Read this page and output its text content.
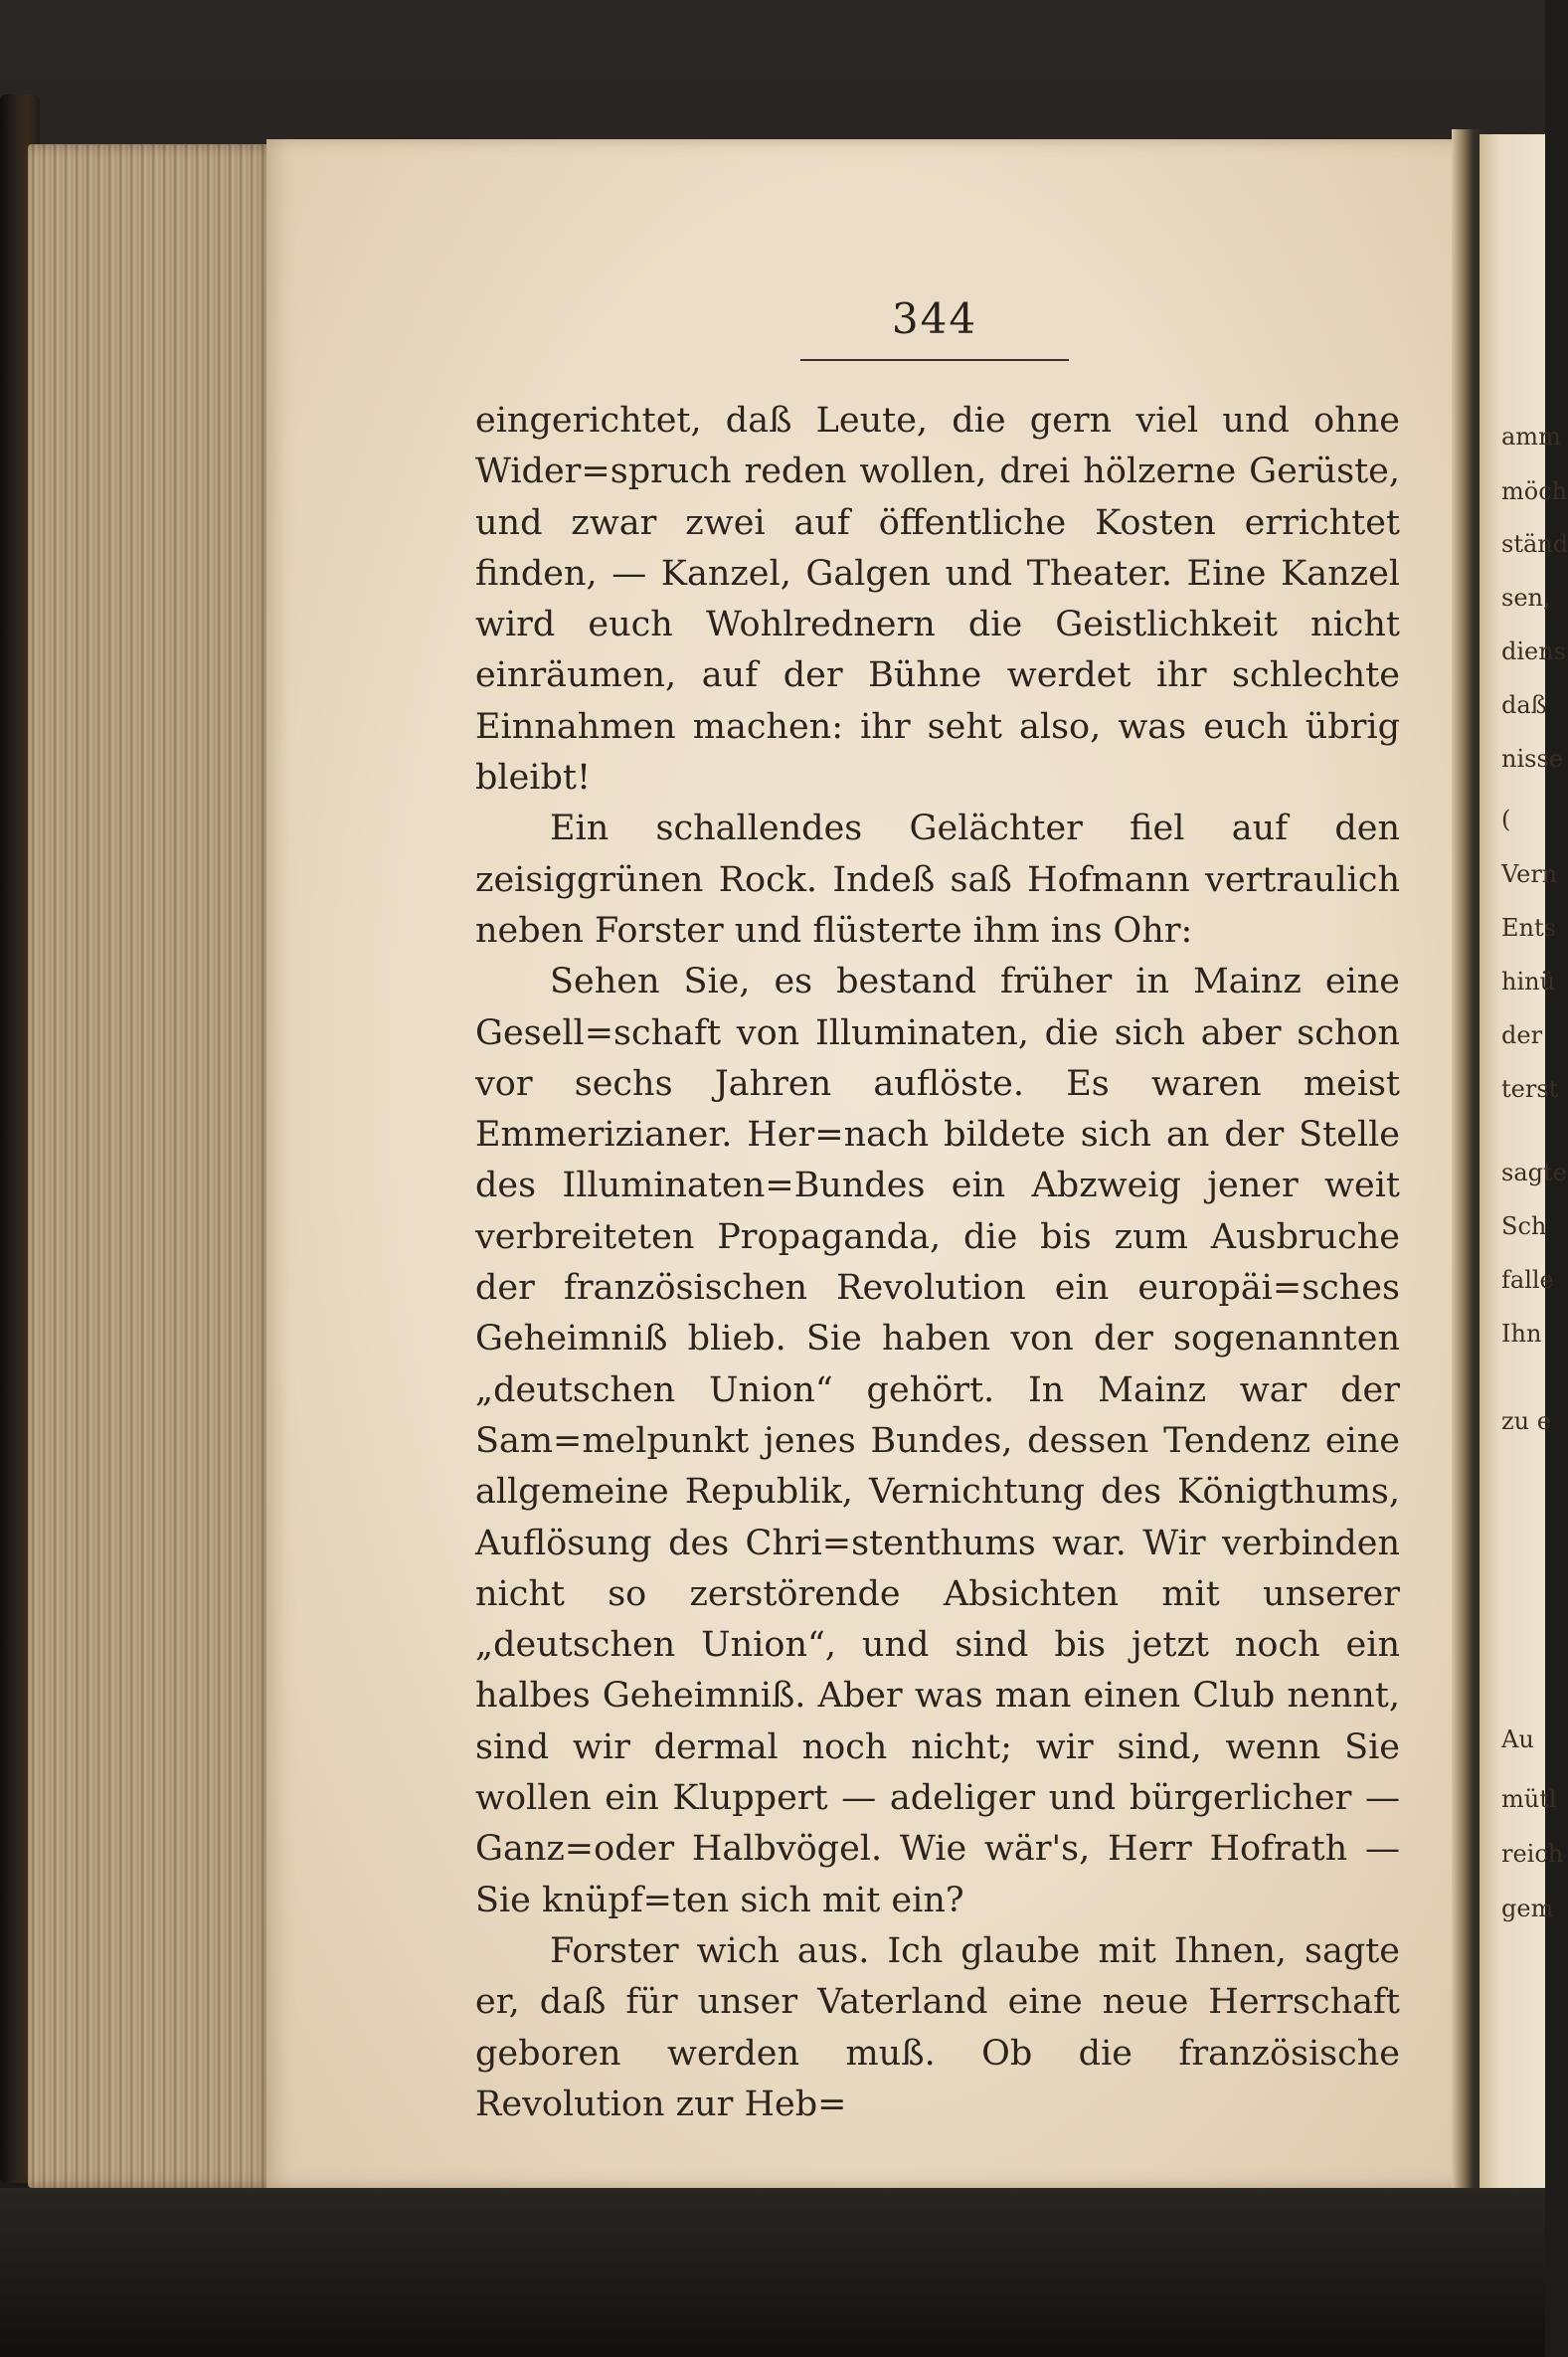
344

eingerichtet, daß Leute, die gern viel und ohne Wider=spruch reden wollen, drei hölzerne Gerüste, und zwar zwei auf öffentliche Kosten errichtet finden, — Kanzel, Galgen und Theater. Eine Kanzel wird euch Wohlrednern die Geistlichkeit nicht einräumen, auf der Bühne werdet ihr schlechte Einnahmen machen: ihr seht also, was euch übrig bleibt!

Ein schallendes Gelächter fiel auf den zeisiggrünen Rock. Indeß saß Hofmann vertraulich neben Forster und flüsterte ihm ins Ohr:

Sehen Sie, es bestand früher in Mainz eine Gesell=schaft von Illuminaten, die sich aber schon vor sechs Jahren auflöste. Es waren meist Emmerizianer. Her=nach bildete sich an der Stelle des Illuminaten=Bundes ein Abzweig jener weit verbreiteten Propaganda, die bis zum Ausbruche der französischen Revolution ein europäi=sches Geheimniß blieb. Sie haben von der sogenannten „deutschen Union“ gehört. In Mainz war der Sam=melpunkt jenes Bundes, dessen Tendenz eine allgemeine Republik, Vernichtung des Königthums, Auflösung des Chri=stenthums war. Wir verbinden nicht so zerstörende Absichten mit unserer „deutschen Union“, und sind bis jetzt noch ein halbes Geheimniß. Aber was man einen Club nennt, sind wir dermal noch nicht; wir sind, wenn Sie wollen ein Kluppert — adeliger und bürgerlicher — Ganz=oder Halbvögel. Wie wär's, Herr Hofrath — Sie knüpf=ten sich mit ein?

Forster wich aus. Ich glaube mit Ihnen, sagte er, daß für unser Vaterland eine neue Herrschaft geboren werden muß. Ob die französische Revolution zur Heb=

amm
möch
ständ
sen,
diens
daß
nisse
(
Vern
Ents
hinü
der
terst
sagte
Sch
falle
Ihn
zu e
Au
mütl
reich
gem
